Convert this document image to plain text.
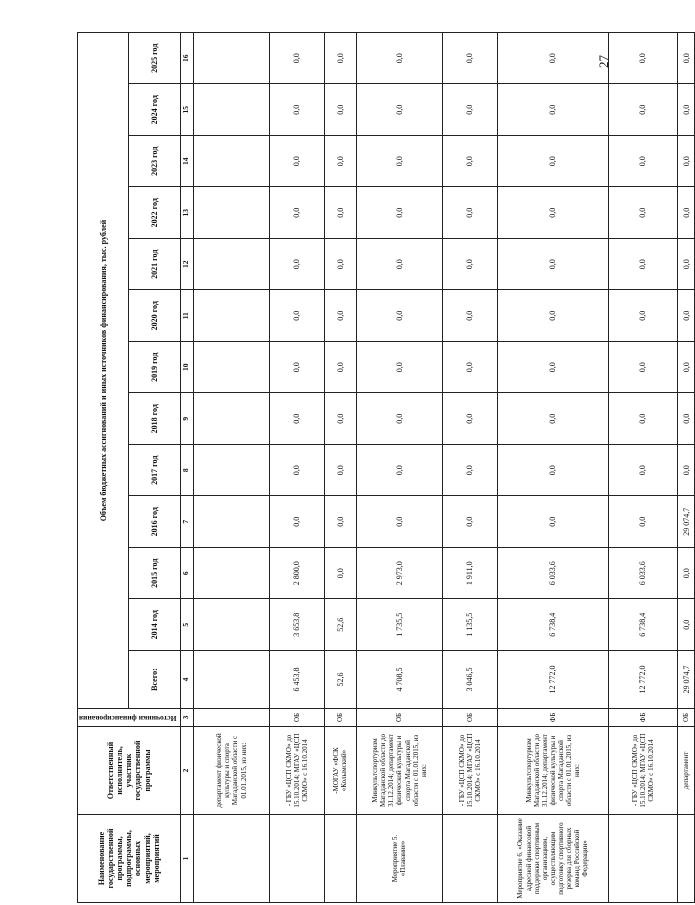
27
Наименование государственной программы, подпрограммы, основных мероприятий, мероприятий	Ответственный исполнитель, участник государственной программы	Источники финансирования	Объем бюджетных ассигнований и иных источников финансирования, тыс. рублей												
			Всего:	2014 год	2015 год	2016 год	2017 год	2018 год	2019 год	2020 год	2021 год	2022 год	2023 год	2024 год	2025 год
1	2	3	4	5	6	7	8	9	10	11	12	13	14	15	16
	департамент физической культуры и спорта Магаданской области с 01.01.2015, из них:														
	- ГБУ «ЦСП СКМО» до 15.10.2014; МГАУ «ЦСП СКМО» с 16.10.2014	ОБ	6 453,8	3 653,8	2 800,0	0,0	0,0	0,0	0,0	0,0	0,0	0,0	0,0	0,0	0,0
	-МОГАУ «ФСК «Колымский»	ОБ	52,6	52,6	0,0	0,0	0,0	0,0	0,0	0,0	0,0	0,0	0,0	0,0	0,0
Мероприятие 5. «Плавание»	Минкультспортуризм Магаданской области до 31.12.2014; департамент физической культуры и спорта Магаданской области с 01.01.2015, из них:	ОБ	4 708,5	1 735,5	2 973,0	0,0	0,0	0,0	0,0	0,0	0,0	0,0	0,0	0,0	0,0
	- ГБУ «ЦСП СКМО» до 15.10.2014; МГАУ «ЦСП СКМО» с 16.10.2014	ОБ	3 046,5	1 135,5	1 911,0	0,0	0,0	0,0	0,0	0,0	0,0	0,0	0,0	0,0	0,0
Мероприятие 6. «Оказание адресной финансовой поддержки спортивным организациям, осуществляющим подготовку спортивного резерва для сборных команд Российской Федерации»	Минкультспортуризм Магаданской области до 31.12.2014; департамент физической культуры и спорта Магаданской области с 01.01.2015, из них:	ФБ	12 772,0	6 738,4	6 033,6	0,0	0,0	0,0	0,0	0,0	0,0	0,0	0,0	0,0	0,0
	- ГБУ «ЦСП СКМО» до 15.10.2014; МГАУ «ЦСП СКМО» с 16.10.2014	ФБ	12 772,0	6 738,4	6 033,6	0,0	0,0	0,0	0,0	0,0	0,0	0,0	0,0	0,0	0,0
	департамент	ОБ	29 074,7	0,0	0,0	29 074,7	0,0	0,0	0,0	0,0	0,0	0,0	0,0	0,0	0,0
